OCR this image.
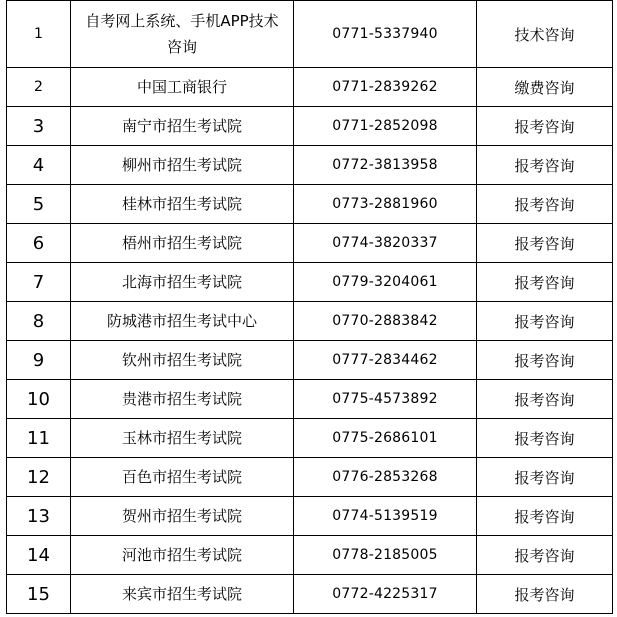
1	自考网上系统、手机APP技术咨询	0771-5337940	技术咨询
2	中国工商银行	0771-2839262	缴费咨询
3	南宁市招生考试院	0771-2852098	报考咨询
4	柳州市招生考试院	0772-3813958	报考咨询
5	桂林市招生考试院	0773-2881960	报考咨询
6	梧州市招生考试院	0774-3820337	报考咨询
7	北海市招生考试院	0779-3204061	报考咨询
8	防城港市招生考试中心	0770-2883842	报考咨询
9	钦州市招生考试院	0777-2834462	报考咨询
10	贵港市招生考试院	0775-4573892	报考咨询
11	玉林市招生考试院	0775-2686101	报考咨询
12	百色市招生考试院	0776-2853268	报考咨询
13	贺州市招生考试院	0774-5139519	报考咨询
14	河池市招生考试院	0778-2185005	报考咨询
15	来宾市招生考试院	0772-4225317	报考咨询
